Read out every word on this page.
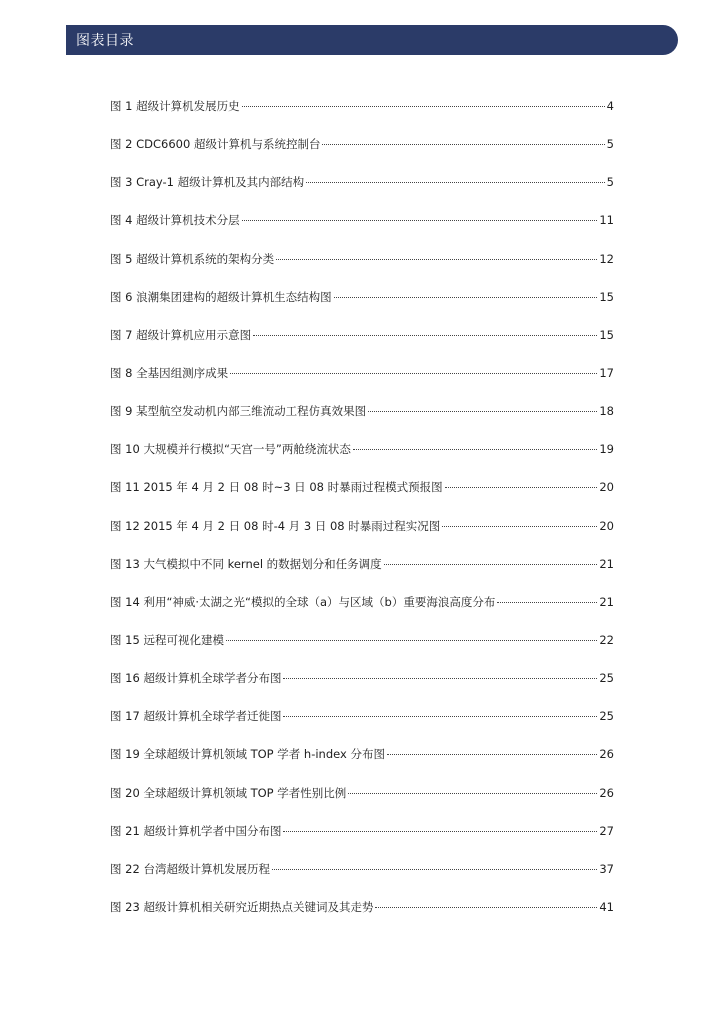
图表目录
图 1 超级计算机发展历史	4
图 2 CDC6600 超级计算机与系统控制台	5
图 3 Cray-1 超级计算机及其内部结构	5
图 4 超级计算机技术分层	11
图 5 超级计算机系统的架构分类	12
图 6 浪潮集团建构的超级计算机生态结构图	15
图 7 超级计算机应用示意图	15
图 8 全基因组测序成果	17
图 9 某型航空发动机内部三维流动工程仿真效果图	18
图 10 大规模并行模拟“天宫一号”两舱绕流状态	19
图 11 2015 年 4 月 2 日 08 时~3 日 08 时暴雨过程模式预报图	20
图 12 2015 年 4 月 2 日 08 时-4 月 3 日 08 时暴雨过程实况图	20
图 13 大气模拟中不同 kernel 的数据划分和任务调度	21
图 14 利用“神威·太湖之光“模拟的全球（a）与区域（b）重要海浪高度分布	21
图 15 远程可视化建模	22
图 16 超级计算机全球学者分布图	25
图 17 超级计算机全球学者迁徙图	25
图 19 全球超级计算机领域 TOP 学者 h-index 分布图	26
图 20 全球超级计算机领域 TOP 学者性别比例	26
图 21 超级计算机学者中国分布图	27
图 22 台湾超级计算机发展历程	37
图 23 超级计算机相关研究近期热点关键词及其走势	41
